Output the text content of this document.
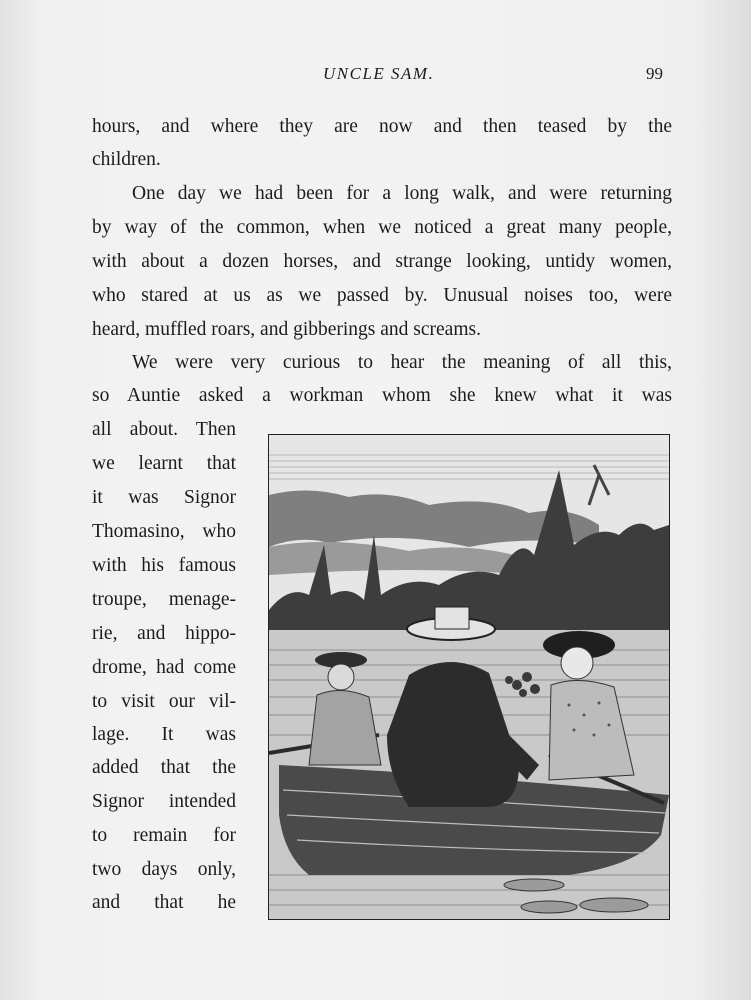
UNCLE SAM.	99
hours, and where they are now and then teased by the
children.
One day we had been for a long walk, and were returning
by way of the common, when we noticed a great many people,
with about a dozen horses, and strange looking, untidy women,
who stared at us as we passed by. Unusual noises too, were
heard, muffled roars, and gibberings and screams.
We were very curious to hear the meaning of all this,
so Auntie asked a workman whom she knew what it was
all about. Then
we learnt that
it was Signor
Thomasino, who
with his famous
troupe, menage-
rie, and hippo-
drome, had come
to visit our vil-
lage. It was
added that the
Signor intended
to remain for
two days only,
and that he
